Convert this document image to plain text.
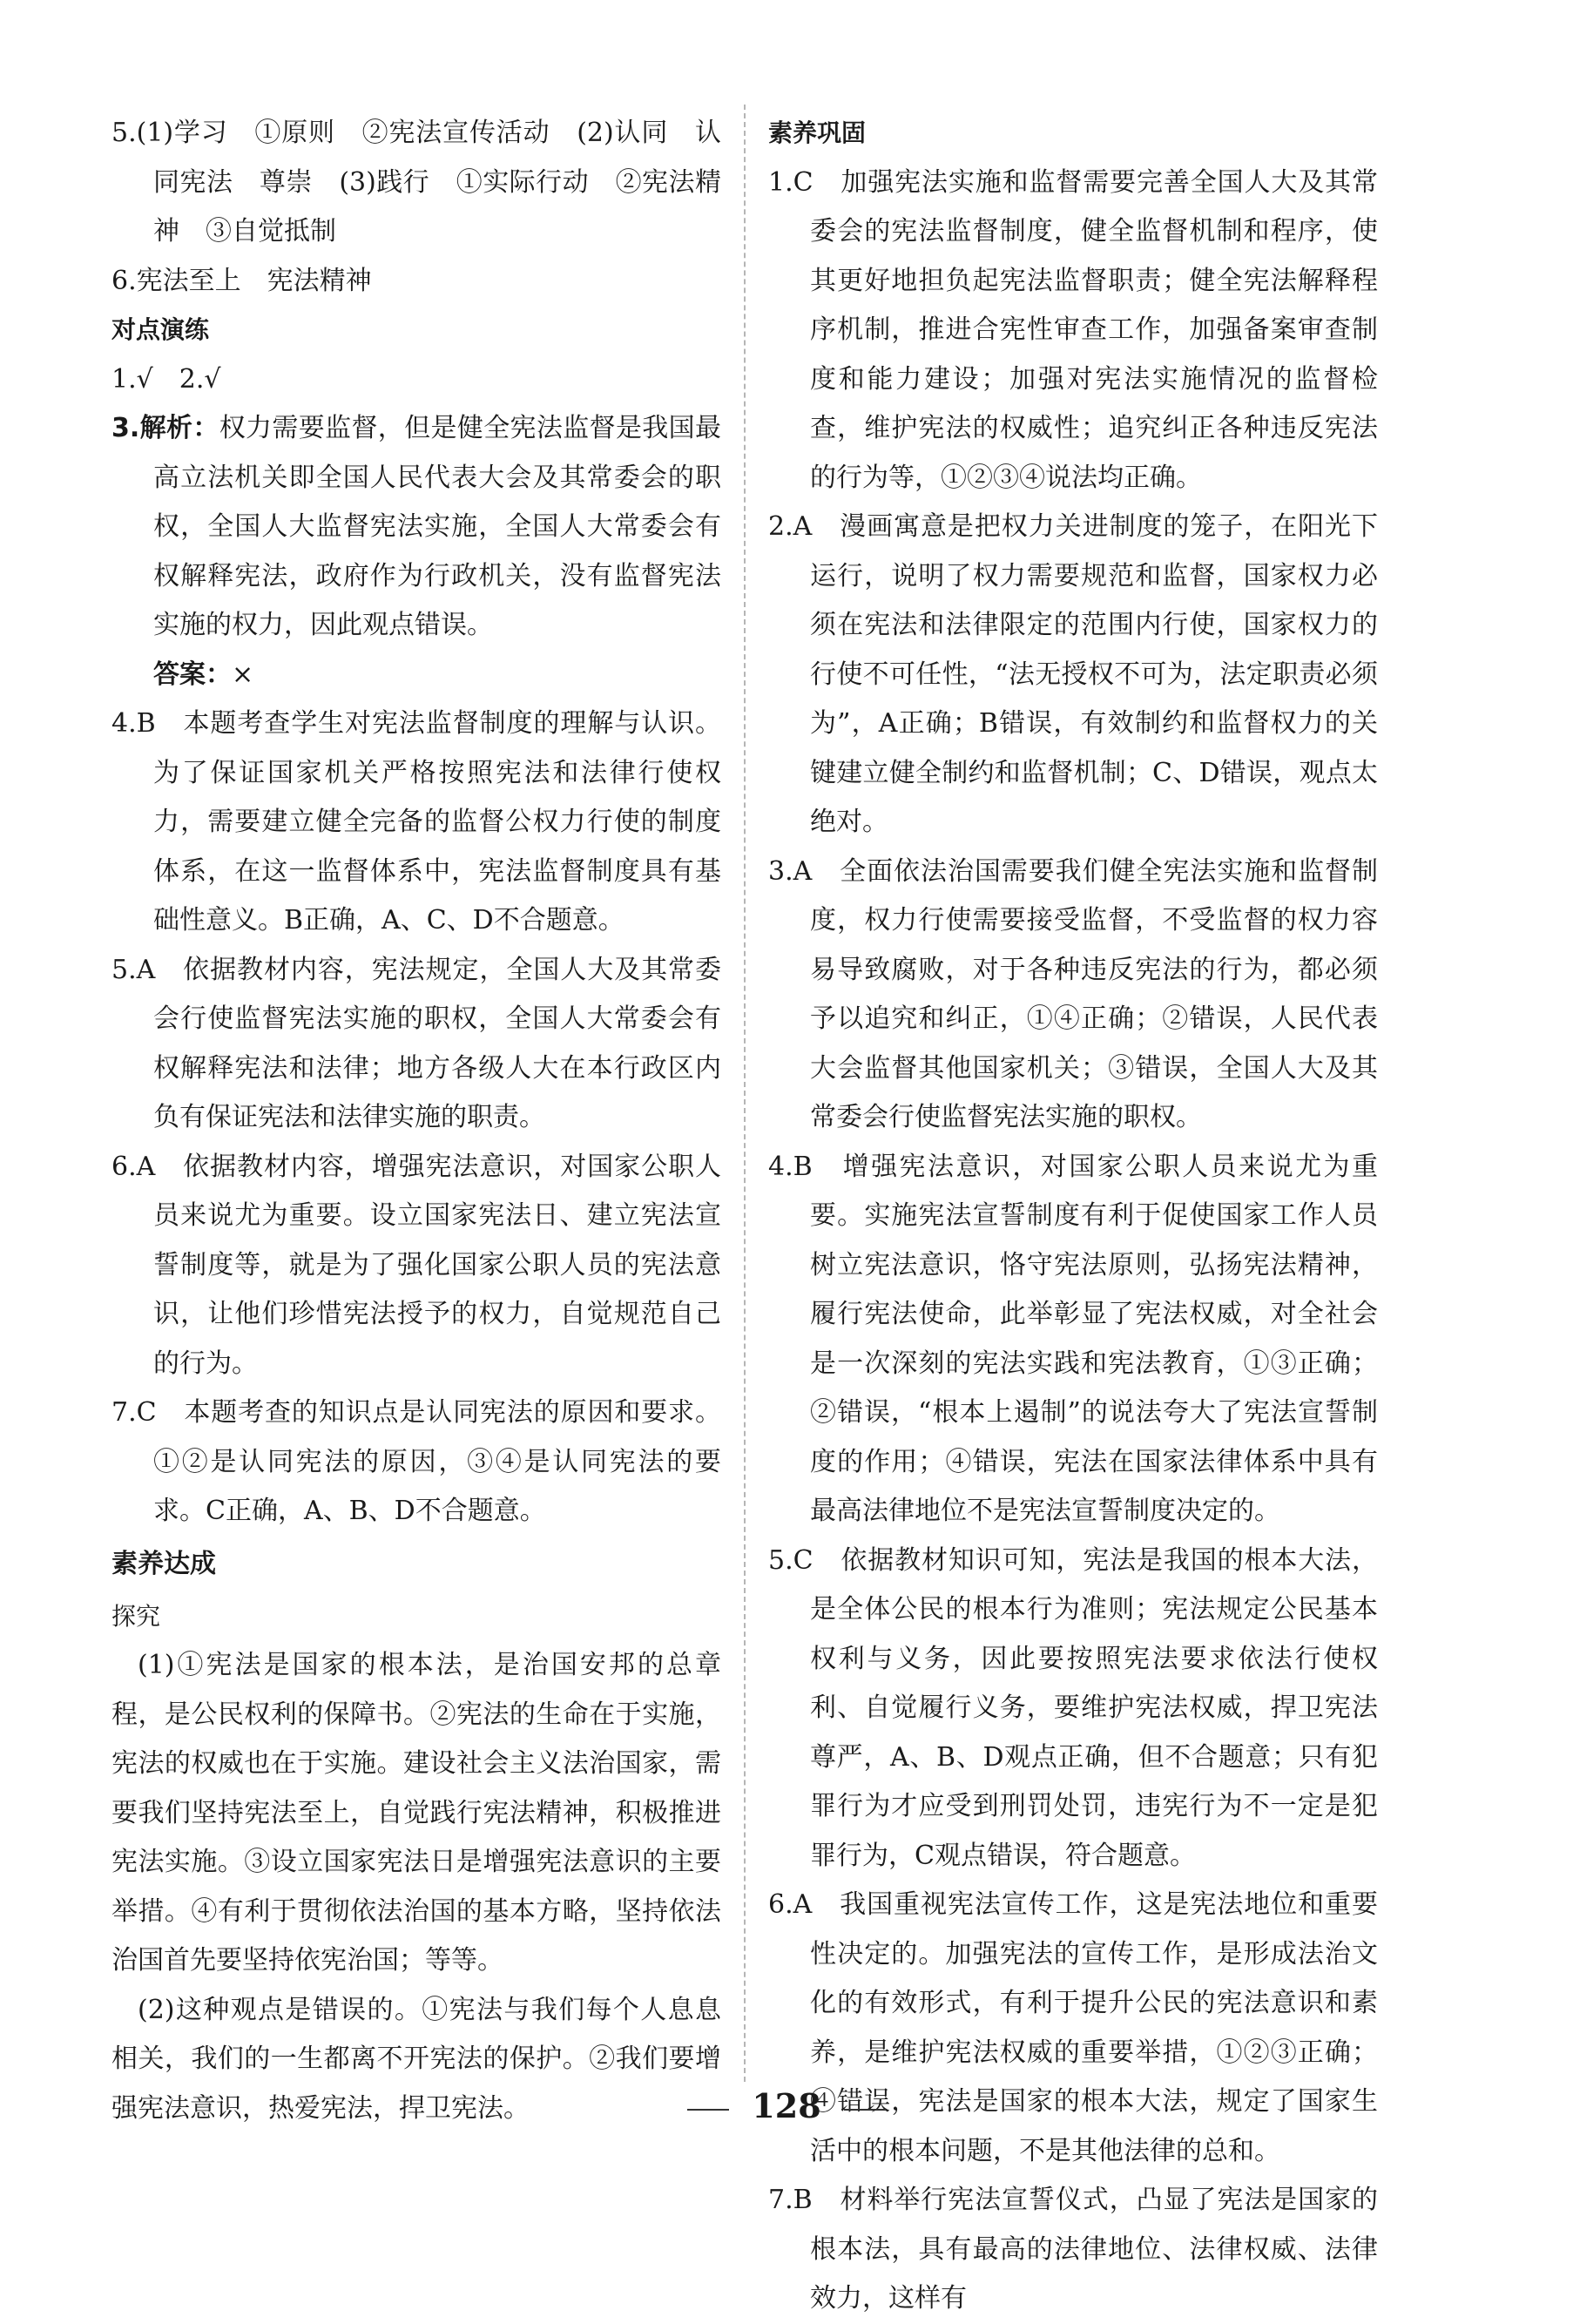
5.(1)学习　①原则　②宪法宣传活动　(2)认同　认同宪法　尊崇　(3)践行　①实际行动　②宪法精神　③自觉抵制

6.宪法至上　宪法精神

对点演练

1.√　2.√

3.解析：权力需要监督，但是健全宪法监督是我国最高立法机关即全国人民代表大会及其常委会的职权，全国人大监督宪法实施，全国人大常委会有权解释宪法，政府作为行政机关，没有监督宪法实施的权力，因此观点错误。

答案：×

4.B　本题考查学生对宪法监督制度的理解与认识。为了保证国家机关严格按照宪法和法律行使权力，需要建立健全完备的监督公权力行使的制度体系，在这一监督体系中，宪法监督制度具有基础性意义。B正确，A、C、D不合题意。

5.A　依据教材内容，宪法规定，全国人大及其常委会行使监督宪法实施的职权，全国人大常委会有权解释宪法和法律；地方各级人大在本行政区内负有保证宪法和法律实施的职责。

6.A　依据教材内容，增强宪法意识，对国家公职人员来说尤为重要。设立国家宪法日、建立宪法宣誓制度等，就是为了强化国家公职人员的宪法意识，让他们珍惜宪法授予的权力，自觉规范自己的行为。

7.C　本题考查的知识点是认同宪法的原因和要求。①②是认同宪法的原因，③④是认同宪法的要求。C正确，A、B、D不合题意。

素养达成

探究

(1)①宪法是国家的根本法，是治国安邦的总章程，是公民权利的保障书。②宪法的生命在于实施，宪法的权威也在于实施。建设社会主义法治国家，需要我们坚持宪法至上，自觉践行宪法精神，积极推进宪法实施。③设立国家宪法日是增强宪法意识的主要举措。④有利于贯彻依法治国的基本方略，坚持依法治国首先要坚持依宪治国；等等。

(2)这种观点是错误的。①宪法与我们每个人息息相关，我们的一生都离不开宪法的保护。②我们要增强宪法意识，热爱宪法，捍卫宪法。

素养巩固

1.C　加强宪法实施和监督需要完善全国人大及其常委会的宪法监督制度，健全监督机制和程序，使其更好地担负起宪法监督职责；健全宪法解释程序机制，推进合宪性审查工作，加强备案审查制度和能力建设；加强对宪法实施情况的监督检查，维护宪法的权威性；追究纠正各种违反宪法的行为等，①②③④说法均正确。

2.A　漫画寓意是把权力关进制度的笼子，在阳光下运行，说明了权力需要规范和监督，国家权力必须在宪法和法律限定的范围内行使，国家权力的行使不可任性，“法无授权不可为，法定职责必须为”，A正确；B错误，有效制约和监督权力的关键建立健全制约和监督机制；C、D错误，观点太绝对。

3.A　全面依法治国需要我们健全宪法实施和监督制度，权力行使需要接受监督，不受监督的权力容易导致腐败，对于各种违反宪法的行为，都必须予以追究和纠正，①④正确；②错误，人民代表大会监督其他国家机关；③错误，全国人大及其常委会行使监督宪法实施的职权。

4.B　增强宪法意识，对国家公职人员来说尤为重要。实施宪法宣誓制度有利于促使国家工作人员树立宪法意识，恪守宪法原则，弘扬宪法精神，履行宪法使命，此举彰显了宪法权威，对全社会是一次深刻的宪法实践和宪法教育，①③正确；②错误，“根本上遏制”的说法夸大了宪法宣誓制度的作用；④错误，宪法在国家法律体系中具有最高法律地位不是宪法宣誓制度决定的。

5.C　依据教材知识可知，宪法是我国的根本大法，是全体公民的根本行为准则；宪法规定公民基本权利与义务，因此要按照宪法要求依法行使权利、自觉履行义务，要维护宪法权威，捍卫宪法尊严，A、B、D观点正确，但不合题意；只有犯罪行为才应受到刑罚处罚，违宪行为不一定是犯罪行为，C观点错误，符合题意。

6.A　我国重视宪法宣传工作，这是宪法地位和重要性决定的。加强宪法的宣传工作，是形成法治文化的有效形式，有利于提升公民的宪法意识和素养，是维护宪法权威的重要举措，①②③正确；④错误，宪法是国家的根本大法，规定了国家生活中的根本问题，不是其他法律的总和。

7.B　材料举行宪法宣誓仪式，凸显了宪法是国家的根本法，具有最高的法律地位、法律权威、法律效力，这样有

128
